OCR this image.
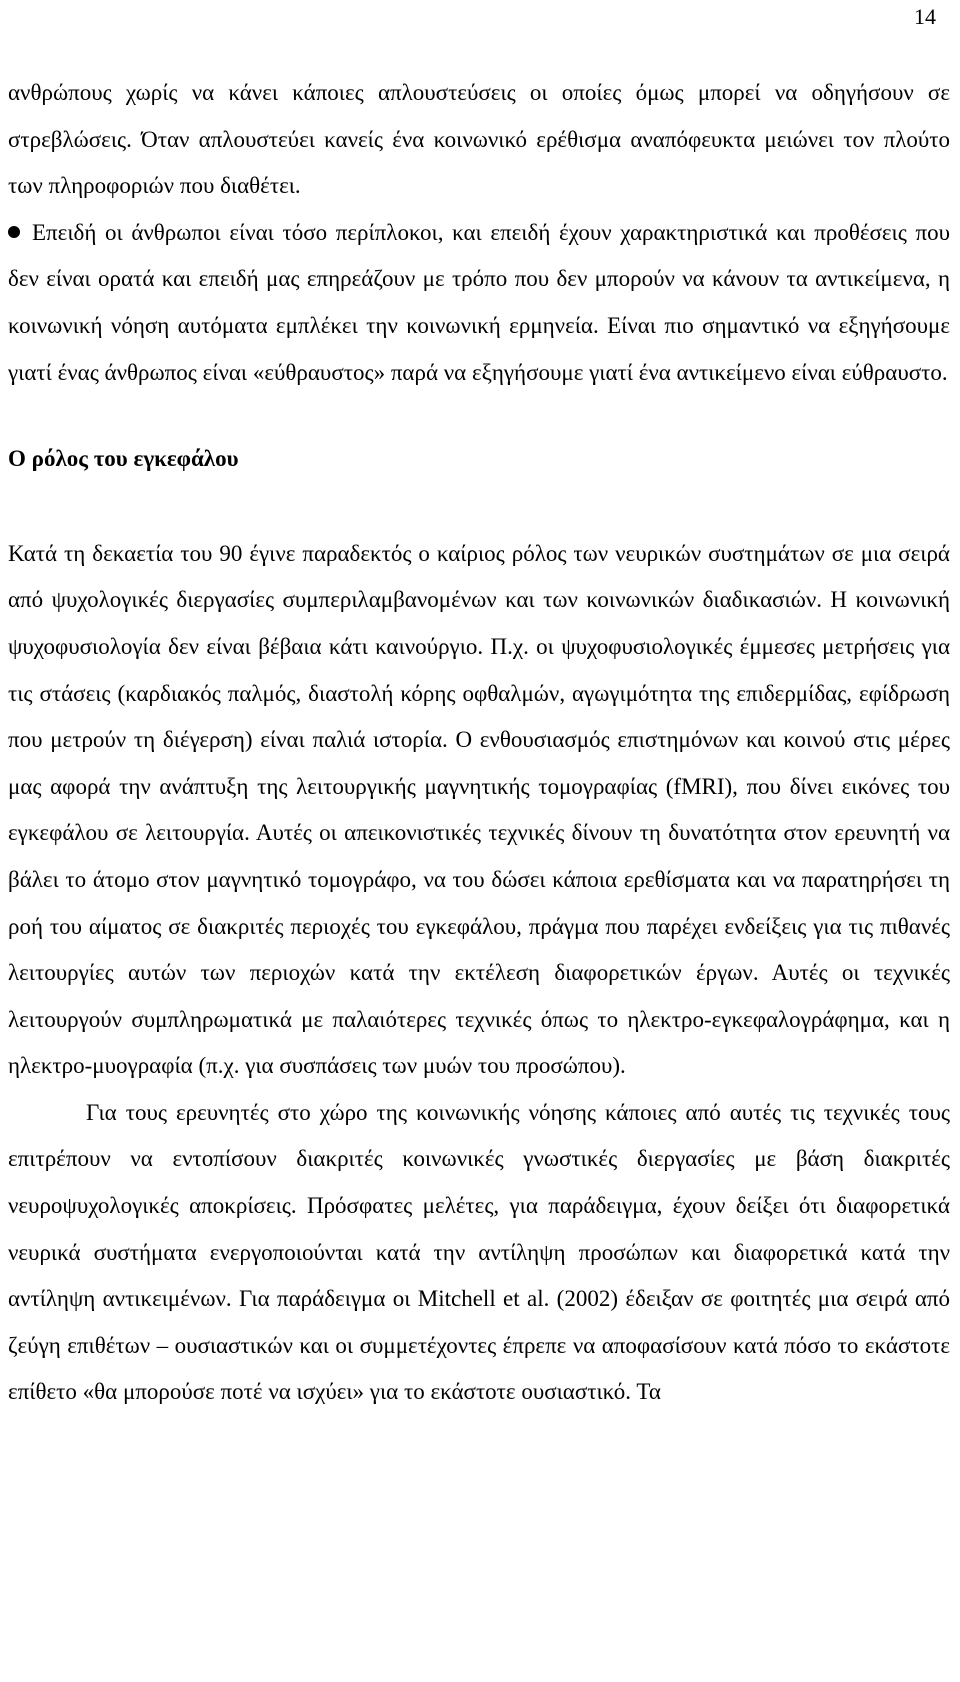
14

ανθρώπους χωρίς να κάνει κάποιες απλουστεύσεις οι οποίες όμως μπορεί να οδηγήσουν σε στρεβλώσεις. Όταν απλουστεύει κανείς ένα κοινωνικό ερέθισμα αναπόφευκτα μειώνει τον πλούτο των πληροφοριών που διαθέτει.

Επειδή οι άνθρωποι είναι τόσο περίπλοκοι, και επειδή έχουν χαρακτηριστικά και προθέσεις που δεν είναι ορατά και επειδή μας επηρεάζουν με τρόπο που δεν μπορούν να κάνουν τα αντικείμενα, η κοινωνική νόηση αυτόματα εμπλέκει την κοινωνική ερμηνεία. Είναι πιο σημαντικό να εξηγήσουμε γιατί ένας άνθρωπος είναι «εύθραυστος» παρά να εξηγήσουμε γιατί ένα αντικείμενο είναι εύθραυστο.

Ο ρόλος του εγκεφάλου

Κατά τη δεκαετία του 90 έγινε παραδεκτός ο καίριος ρόλος των νευρικών συστημάτων σε μια σειρά από ψυχολογικές διεργασίες συμπεριλαμβανομένων και των κοινωνικών διαδικασιών. Η κοινωνική ψυχοφυσιολογία δεν είναι βέβαια κάτι καινούργιο. Π.χ. οι ψυχοφυσιολογικές έμμεσες μετρήσεις για τις στάσεις (καρδιακός παλμός, διαστολή κόρης οφθαλμών, αγωγιμότητα της επιδερμίδας, εφίδρωση που μετρούν τη διέγερση) είναι παλιά ιστορία. Ο ενθουσιασμός επιστημόνων και κοινού στις μέρες μας αφορά την ανάπτυξη της λειτουργικής μαγνητικής τομογραφίας (fMRI), που δίνει εικόνες του εγκεφάλου σε λειτουργία. Αυτές οι απεικονιστικές τεχνικές δίνουν τη δυνατότητα στον ερευνητή να βάλει το άτομο στον μαγνητικό τομογράφο, να του δώσει κάποια ερεθίσματα και να παρατηρήσει τη ροή του αίματος σε διακριτές περιοχές του εγκεφάλου, πράγμα που παρέχει ενδείξεις για τις πιθανές λειτουργίες αυτών των περιοχών κατά την εκτέλεση διαφορετικών έργων. Αυτές οι τεχνικές λειτουργούν συμπληρωματικά με παλαιότερες τεχνικές όπως το ηλεκτρο-εγκεφαλογράφημα, και η ηλεκτρο-μυογραφία (π.χ. για συσπάσεις των μυών του προσώπου).

Για τους ερευνητές στο χώρο της κοινωνικής νόησης κάποιες από αυτές τις τεχνικές τους επιτρέπουν να εντοπίσουν διακριτές κοινωνικές γνωστικές διεργασίες με βάση διακριτές νευροψυχολογικές αποκρίσεις. Πρόσφατες μελέτες, για παράδειγμα, έχουν δείξει ότι διαφορετικά νευρικά συστήματα ενεργοποιούνται κατά την αντίληψη προσώπων και διαφορετικά κατά την αντίληψη αντικειμένων. Για παράδειγμα οι Mitchell et al. (2002) έδειξαν σε φοιτητές μια σειρά από ζεύγη επιθέτων – ουσιαστικών και οι συμμετέχοντες έπρεπε να αποφασίσουν κατά πόσο το εκάστοτε επίθετο «θα μπορούσε ποτέ να ισχύει» για το εκάστοτε ουσιαστικό. Τα
